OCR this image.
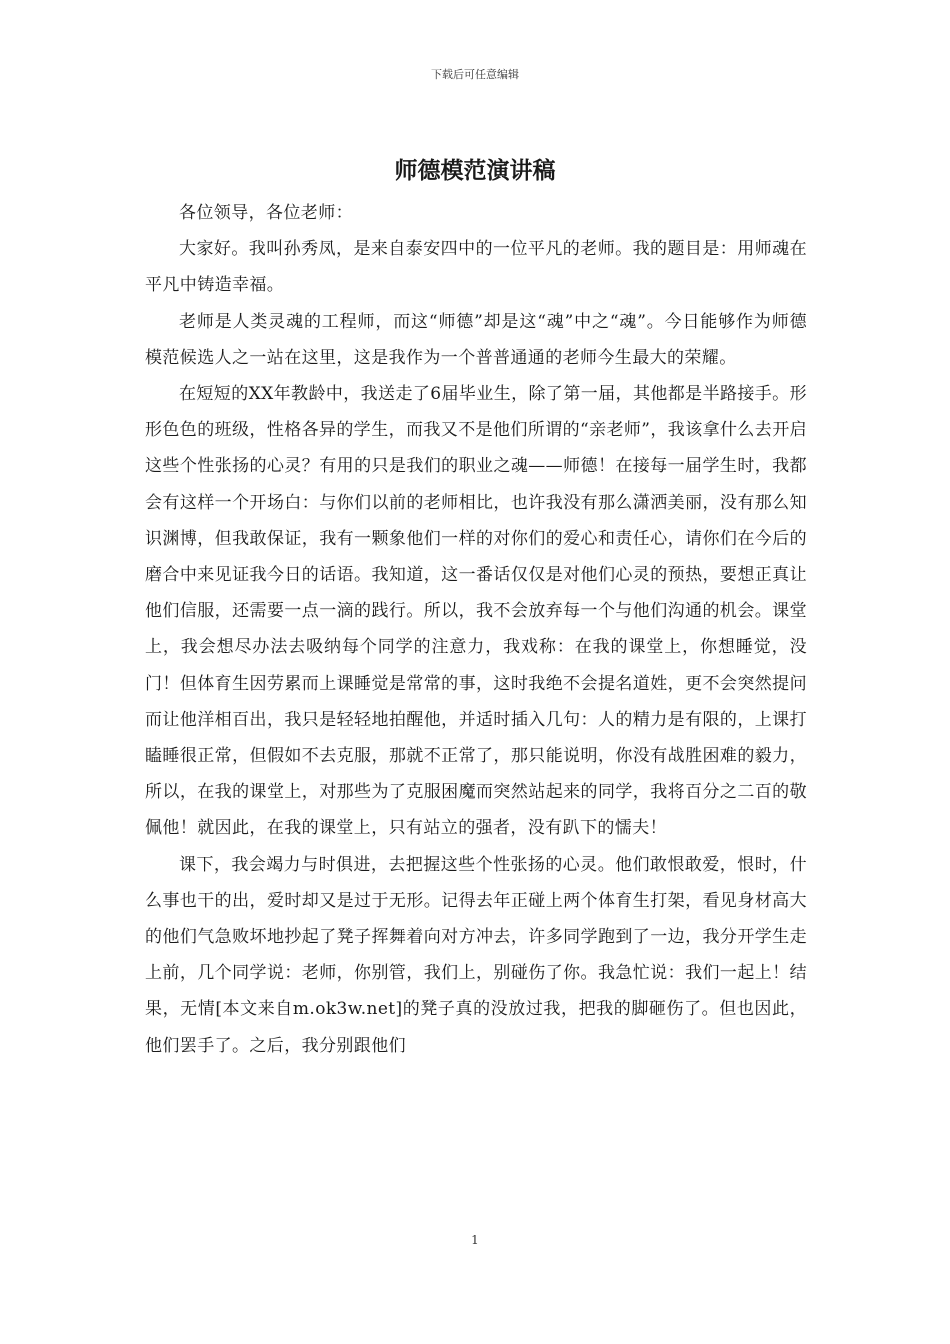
下载后可任意编辑
师德模范演讲稿

各位领导，各位老师：

大家好。我叫孙秀凤，是来自泰安四中的一位平凡的老师。我的题目是：用师魂在平凡中铸造幸福。

老师是人类灵魂的工程师，而这“师德”却是这“魂”中之“魂”。今日能够作为师德模范候选人之一站在这里，这是我作为一个普普通通的老师今生最大的荣耀。

在短短的XX年教龄中，我送走了6届毕业生，除了第一届，其他都是半路接手。形形色色的班级，性格各异的学生，而我又不是他们所谓的“亲老师”，我该拿什么去开启这些个性张扬的心灵？有用的只是我们的职业之魂——师德！在接每一届学生时，我都会有这样一个开场白：与你们以前的老师相比，也许我没有那么潇洒美丽，没有那么知识渊博，但我敢保证，我有一颗象他们一样的对你们的爱心和责任心，请你们在今后的磨合中来见证我今日的话语。我知道，这一番话仅仅是对他们心灵的预热，要想正真让他们信服，还需要一点一滴的践行。所以，我不会放弃每一个与他们沟通的机会。课堂上，我会想尽办法去吸纳每个同学的注意力，我戏称：在我的课堂上，你想睡觉，没门！但体育生因劳累而上课睡觉是常常的事，这时我绝不会提名道姓，更不会突然提问而让他洋相百出，我只是轻轻地拍醒他，并适时插入几句：人的精力是有限的，上课打瞌睡很正常，但假如不去克服，那就不正常了，那只能说明，你没有战胜困难的毅力，所以，在我的课堂上，对那些为了克服困魔而突然站起来的同学，我将百分之二百的敬佩他！就因此，在我的课堂上，只有站立的强者，没有趴下的懦夫！

课下，我会竭力与时俱进，去把握这些个性张扬的心灵。他们敢恨敢爱，恨时，什么事也干的出，爱时却又是过于无形。记得去年正碰上两个体育生打架，看见身材高大的他们气急败坏地抄起了凳子挥舞着向对方冲去，许多同学跑到了一边，我分开学生走上前，几个同学说：老师，你别管，我们上，别碰伤了你。我急忙说：我们一起上！结果，无情[本文来自m.ok3w.net]的凳子真的没放过我，把我的脚砸伤了。但也因此，他们罢手了。之后，我分别跟他们

1
